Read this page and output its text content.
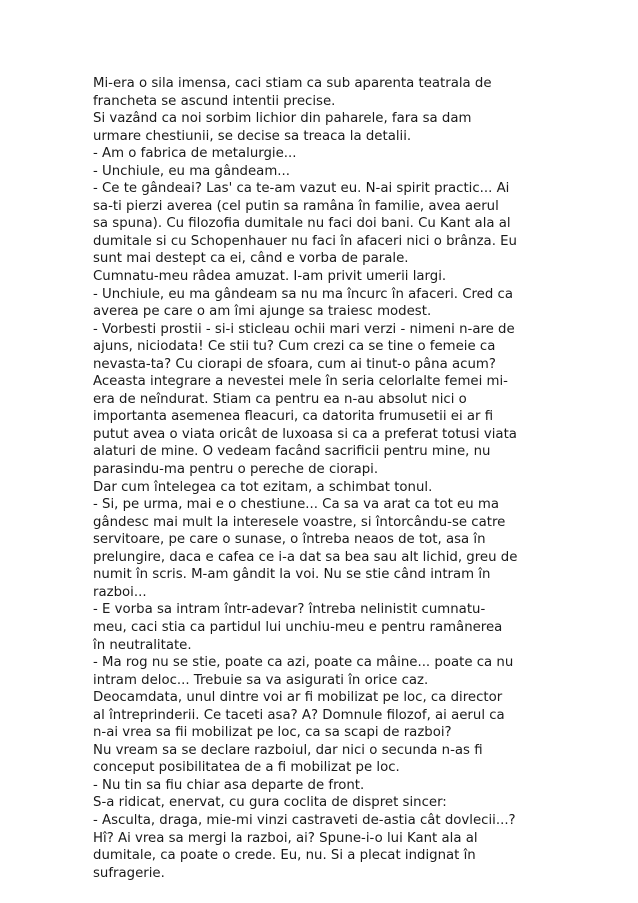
Mi-era o sila imensa, caci stiam ca sub aparenta teatrala de

francheta se ascund intentii precise.

Si vazând ca noi sorbim lichior din paharele, fara sa dam

urmare chestiunii, se decise sa treaca la detalii.

- Am o fabrica de metalurgie...

- Unchiule, eu ma gândeam...

- Ce te gândeai? Las' ca te-am vazut eu. N-ai spirit practic... Ai

sa-ti pierzi averea (cel putin sa ramâna în familie, avea aerul

sa spuna). Cu filozofia dumitale nu faci doi bani. Cu Kant ala al

dumitale si cu Schopenhauer nu faci în afaceri nici o brânza. Eu

sunt mai destept ca ei, când e vorba de parale.

Cumnatu-meu râdea amuzat. I-am privit umerii largi.

- Unchiule, eu ma gândeam sa nu ma încurc în afaceri. Cred ca

averea pe care o am îmi ajunge sa traiesc modest.

- Vorbesti prostii - si-i sticleau ochii mari verzi - nimeni n-are de

ajuns, niciodata! Ce stii tu? Cum crezi ca se tine o femeie ca

nevasta-ta? Cu ciorapi de sfoara, cum ai tinut-o pâna acum?

Aceasta integrare a nevestei mele în seria celorlalte femei mi-

era de neîndurat. Stiam ca pentru ea n-au absolut nici o

importanta asemenea fleacuri, ca datorita frumusetii ei ar fi

putut avea o viata oricât de luxoasa si ca a preferat totusi viata

alaturi de mine. O vedeam facând sacrificii pentru mine, nu

parasindu-ma pentru o pereche de ciorapi.

Dar cum întelegea ca tot ezitam, a schimbat tonul.

- Si, pe urma, mai e o chestiune... Ca sa va arat ca tot eu ma

gândesc mai mult la interesele voastre, si întorcându-se catre

servitoare, pe care o sunase, o întreba neaos de tot, asa în

prelungire, daca e cafea ce i-a dat sa bea sau alt lichid, greu de

numit în scris. M-am gândit la voi. Nu se stie când intram în

razboi...

- E vorba sa intram într-adevar? întreba nelinistit cumnatu-

meu, caci stia ca partidul lui unchiu-meu e pentru ramânerea

în neutralitate.

- Ma rog nu se stie, poate ca azi, poate ca mâine... poate ca nu

intram deloc... Trebuie sa va asigurati în orice caz.

Deocamdata, unul dintre voi ar fi mobilizat pe loc, ca director

al întreprinderii. Ce taceti asa? A? Domnule filozof, ai aerul ca

n-ai vrea sa fii mobilizat pe loc, ca sa scapi de razboi?

Nu vream sa se declare razboiul, dar nici o secunda n-as fi

conceput posibilitatea de a fi mobilizat pe loc.

- Nu tin sa fiu chiar asa departe de front.

S-a ridicat, enervat, cu gura coclita de dispret sincer:

- Asculta, draga, mie-mi vinzi castraveti de-astia cât dovlecii...?

Hî? Ai vrea sa mergi la razboi, ai? Spune-i-o lui Kant ala al

dumitale, ca poate o crede. Eu, nu. Si a plecat indignat în

sufragerie.
